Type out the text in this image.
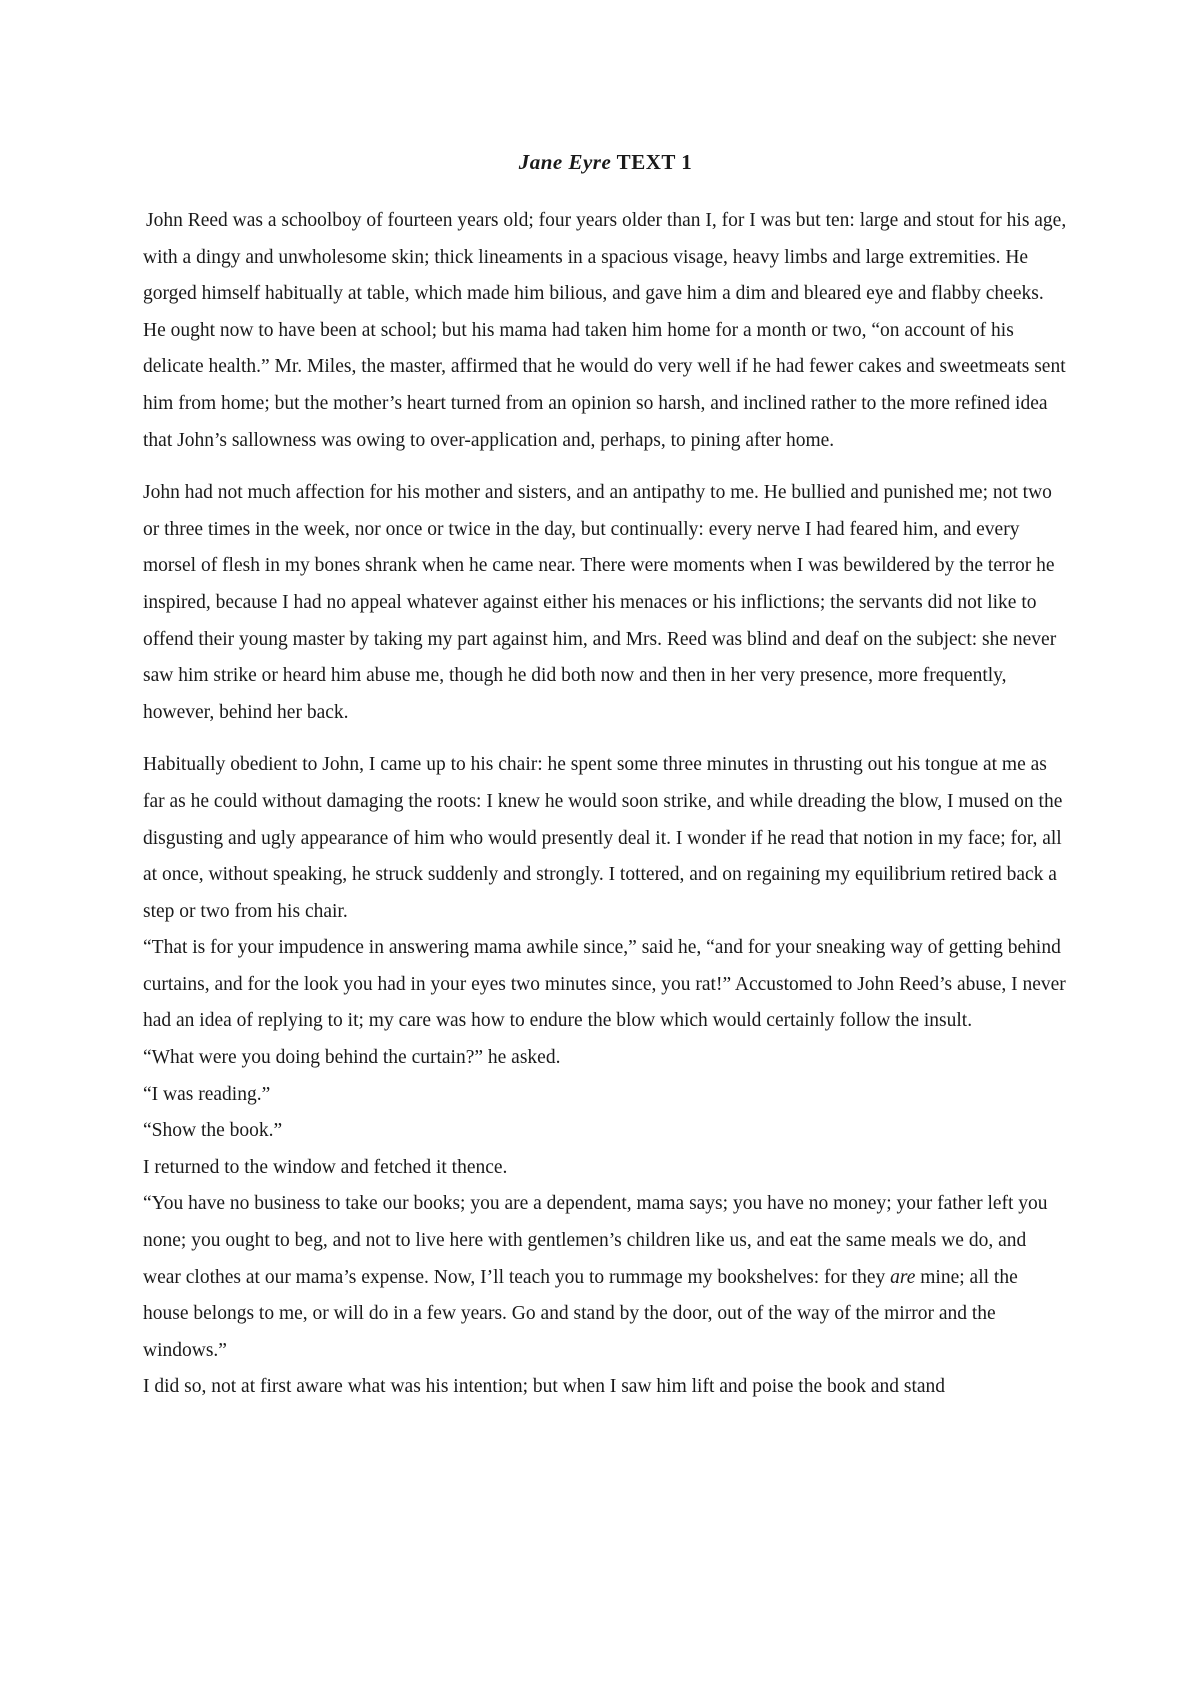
Jane Eyre TEXT 1

John Reed was a schoolboy of fourteen years old; four years older than I, for I was but ten: large and stout for his age, with a dingy and unwholesome skin; thick lineaments in a spacious visage, heavy limbs and large extremities. He gorged himself habitually at table, which made him bilious, and gave him a dim and bleared eye and flabby cheeks. He ought now to have been at school; but his mama had taken him home for a month or two, “on account of his delicate health.” Mr. Miles, the master, affirmed that he would do very well if he had fewer cakes and sweetmeats sent him from home; but the mother’s heart turned from an opinion so harsh, and inclined rather to the more refined idea that John’s sallowness was owing to over-application and, perhaps, to pining after home.

John had not much affection for his mother and sisters, and an antipathy to me. He bullied and punished me; not two or three times in the week, nor once or twice in the day, but continually: every nerve I had feared him, and every morsel of flesh in my bones shrank when he came near. There were moments when I was bewildered by the terror he inspired, because I had no appeal whatever against either his menaces or his inflictions; the servants did not like to offend their young master by taking my part against him, and Mrs. Reed was blind and deaf on the subject: she never saw him strike or heard him abuse me, though he did both now and then in her very presence, more frequently, however, behind her back.

Habitually obedient to John, I came up to his chair: he spent some three minutes in thrusting out his tongue at me as far as he could without damaging the roots: I knew he would soon strike, and while dreading the blow, I mused on the disgusting and ugly appearance of him who would presently deal it. I wonder if he read that notion in my face; for, all at once, without speaking, he struck suddenly and strongly. I tottered, and on regaining my equilibrium retired back a step or two from his chair.

“That is for your impudence in answering mama awhile since,” said he, “and for your sneaking way of getting behind curtains, and for the look you had in your eyes two minutes since, you rat!” Accustomed to John Reed’s abuse, I never had an idea of replying to it; my care was how to endure the blow which would certainly follow the insult.

“What were you doing behind the curtain?” he asked.

“I was reading.”

“Show the book.”

I returned to the window and fetched it thence.

“You have no business to take our books; you are a dependent, mama says; you have no money; your father left you none; you ought to beg, and not to live here with gentlemen’s children like us, and eat the same meals we do, and wear clothes at our mama’s expense. Now, I’ll teach you to rummage my bookshelves: for they are mine; all the house belongs to me, or will do in a few years. Go and stand by the door, out of the way of the mirror and the windows.”

I did so, not at first aware what was his intention; but when I saw him lift and poise the book and stand
